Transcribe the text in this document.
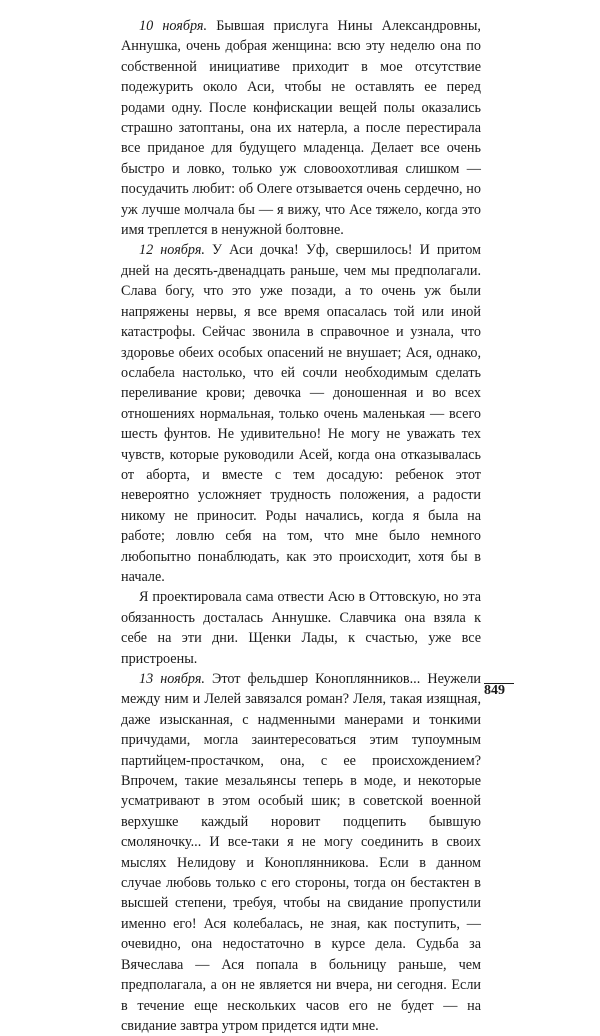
10 ноября. Бывшая прислуга Нины Александровны, Аннушка, очень добрая женщина: всю эту неделю она по собственной инициативе приходит в мое отсутствие подежурить около Аси, чтобы не оставлять ее перед родами одну. После конфискации вещей полы оказались страшно затоптаны, она их натерла, а после перестирала все приданое для будущего младенца. Делает все очень быстро и ловко, только уж словоохотливая слишком — посудачить любит: об Олеге отзывается очень сердечно, но уж лучше молчала бы — я вижу, что Асе тяжело, когда это имя треплется в ненужной болтовне.

12 ноября. У Аси дочка! Уф, свершилось! И притом дней на десять-двенадцать раньше, чем мы предполагали. Слава богу, что это уже позади, а то очень уж были напряжены нервы, я все время опасалась той или иной катастрофы. Сейчас звонила в справочное и узнала, что здоровье обеих особых опасений не внушает; Ася, однако, ослабела настолько, что ей сочли необходимым сделать переливание крови; девочка — доношенная и во всех отношениях нормальная, только очень маленькая — всего шесть фунтов. Не удивительно! Не могу не уважать тех чувств, которые руководили Асей, когда она отказывалась от аборта, и вместе с тем досадую: ребенок этот невероятно усложняет трудность положения, а радости никому не приносит. Роды начались, когда я была на работе; ловлю себя на том, что мне было немного любопытно понаблюдать, как это происходит, хотя бы в начале.

Я проектировала сама отвести Асю в Оттовскую, но эта обязанность досталась Аннушке. Славчика она взяла к себе на эти дни. Щенки Лады, к счастью, уже все пристроены.

13 ноября. Этот фельдшер Коноплянников... Неужели между ним и Лелей завязался роман? Леля, такая изящная, даже изысканная, с надменными манерами и тонкими причудами, могла заинтересоваться этим тупоумным партийцем-простачком, она, с ее происхождением? Впрочем, такие мезальянсы теперь в моде, и некоторые усматривают в этом особый шик; в советской военной верхушке каждый норовит подцепить бывшую смоляночку... И все-таки я не могу соединить в своих мыслях Нелидову и Коноплянникова. Если в данном случае любовь только с его стороны, тогда он бестактен в высшей степени, требуя, чтобы на свидание пропустили именно его! Ася колебалась, не зная, как поступить, — очевидно, она недостаточно в курсе дела. Судьба за Вячеслава — Ася попала в больницу раньше, чем предполагала, а он не является ни вчера, ни сегодня. Если в течение еще нескольких часов его не будет — на свидание завтра утром придется идти мне.

849
